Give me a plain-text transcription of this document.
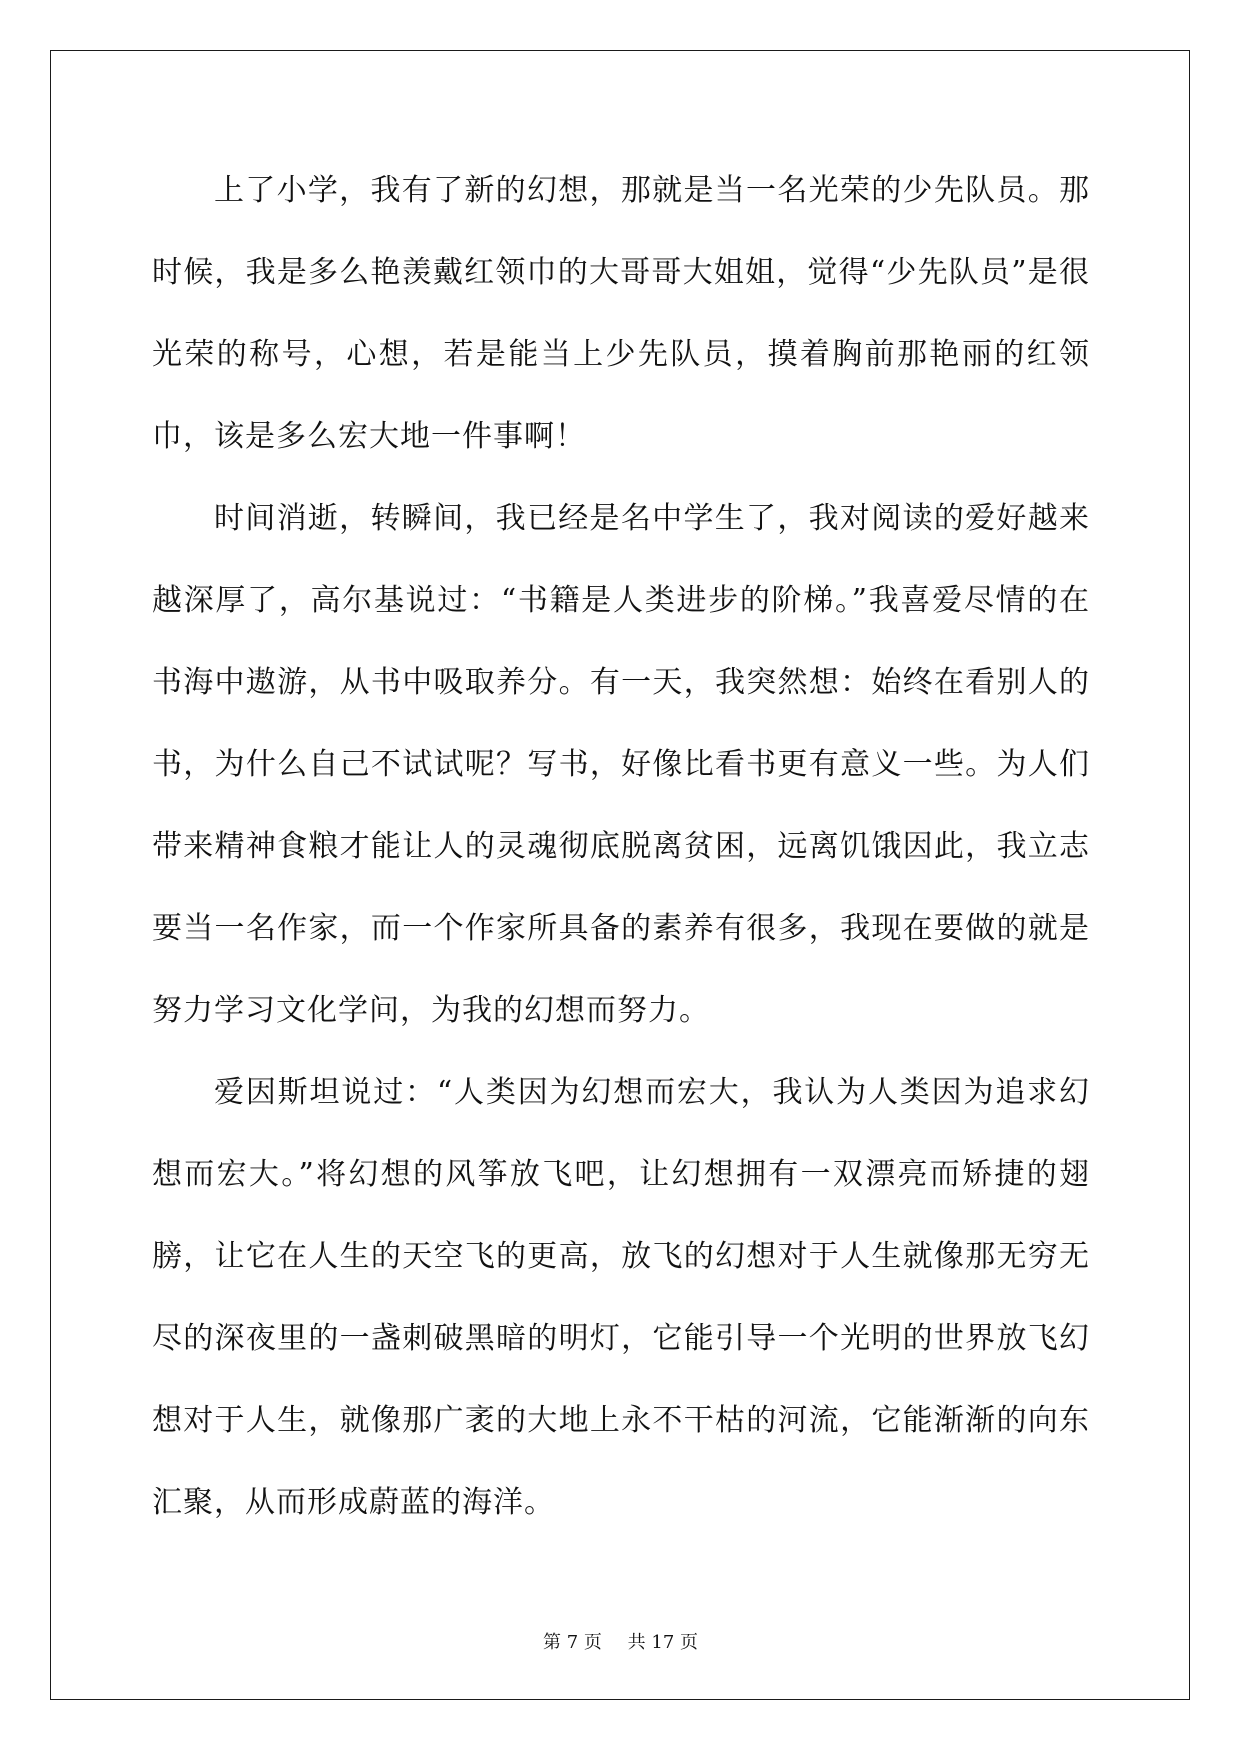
上了小学，我有了新的幻想，那就是当一名光荣的少先队员。那时候，我是多么艳羡戴红领巾的大哥哥大姐姐，觉得“少先队员”是很光荣的称号，心想，若是能当上少先队员，摸着胸前那艳丽的红领巾，该是多么宏大地一件事啊！

时间消逝，转瞬间，我已经是名中学生了，我对阅读的爱好越来越深厚了，高尔基说过：“书籍是人类进步的阶梯。”我喜爱尽情的在书海中遨游，从书中吸取养分。有一天，我突然想：始终在看别人的书，为什么自己不试试呢？写书，好像比看书更有意义一些。为人们带来精神食粮才能让人的灵魂彻底脱离贫困，远离饥饿因此，我立志要当一名作家，而一个作家所具备的素养有很多，我现在要做的就是努力学习文化学问，为我的幻想而努力。

爱因斯坦说过：“人类因为幻想而宏大，我认为人类因为追求幻想而宏大。”将幻想的风筝放飞吧，让幻想拥有一双漂亮而矫捷的翅膀，让它在人生的天空飞的更高，放飞的幻想对于人生就像那无穷无尽的深夜里的一盏刺破黑暗的明灯，它能引导一个光明的世界放飞幻想对于人生，就像那广袤的大地上永不干枯的河流，它能渐渐的向东汇聚，从而形成蔚蓝的海洋。

第 7 页 共 17 页
